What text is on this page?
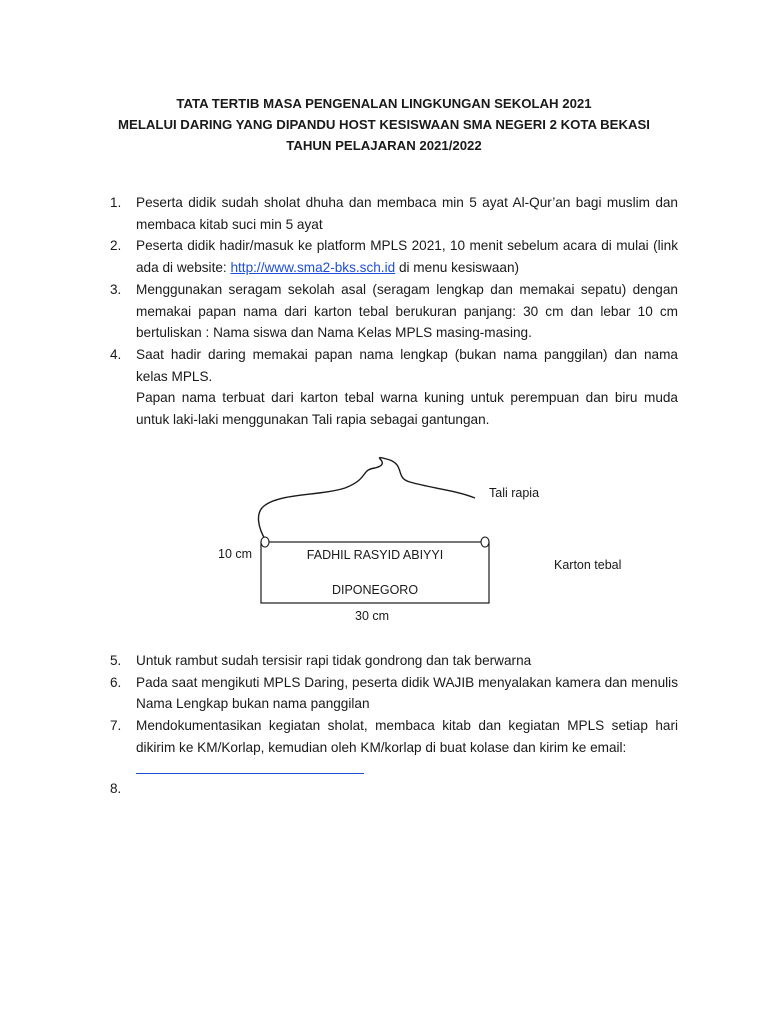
TATA TERTIB MASA PENGENALAN LINGKUNGAN SEKOLAH 2021
MELALUI DARING YANG DIPANDU HOST KESISWAAN SMA NEGERI 2 KOTA BEKASI
TAHUN PELAJARAN 2021/2022
1. Peserta didik sudah sholat dhuha dan membaca min 5 ayat Al-Qur’an bagi muslim dan membaca kitab suci min 5 ayat
2. Peserta didik hadir/masuk ke platform MPLS 2021, 10 menit sebelum acara di mulai (link ada di website: http://www.sma2-bks.sch.id di menu kesiswaan)
3. Menggunakan seragam sekolah asal (seragam lengkap dan memakai sepatu) dengan memakai papan nama dari karton tebal berukuran panjang: 30 cm dan lebar 10 cm bertuliskan : Nama siswa dan Nama Kelas MPLS masing-masing.
4. Saat hadir daring memakai papan nama lengkap (bukan nama panggilan) dan nama kelas MPLS.
Papan nama terbuat dari karton tebal warna kuning untuk perempuan dan biru muda untuk laki-laki menggunakan Tali rapia sebagai gantungan.
Tali rapia
10 cm
Karton tebal
FADHIL RASYID ABIYYI
DIPONEGORO
30 cm
5. Untuk rambut sudah tersisir rapi tidak gondrong dan tak berwarna
6. Pada saat mengikuti MPLS Daring, peserta didik WAJIB menyalakan kamera dan menulis Nama Lengkap bukan nama panggilan
7. Mendokumentasikan kegiatan sholat, membaca kitab dan kegiatan MPLS setiap hari dikirim ke KM/Korlap, kemudian oleh KM/korlap di buat kolase dan kirim ke email:
8.
